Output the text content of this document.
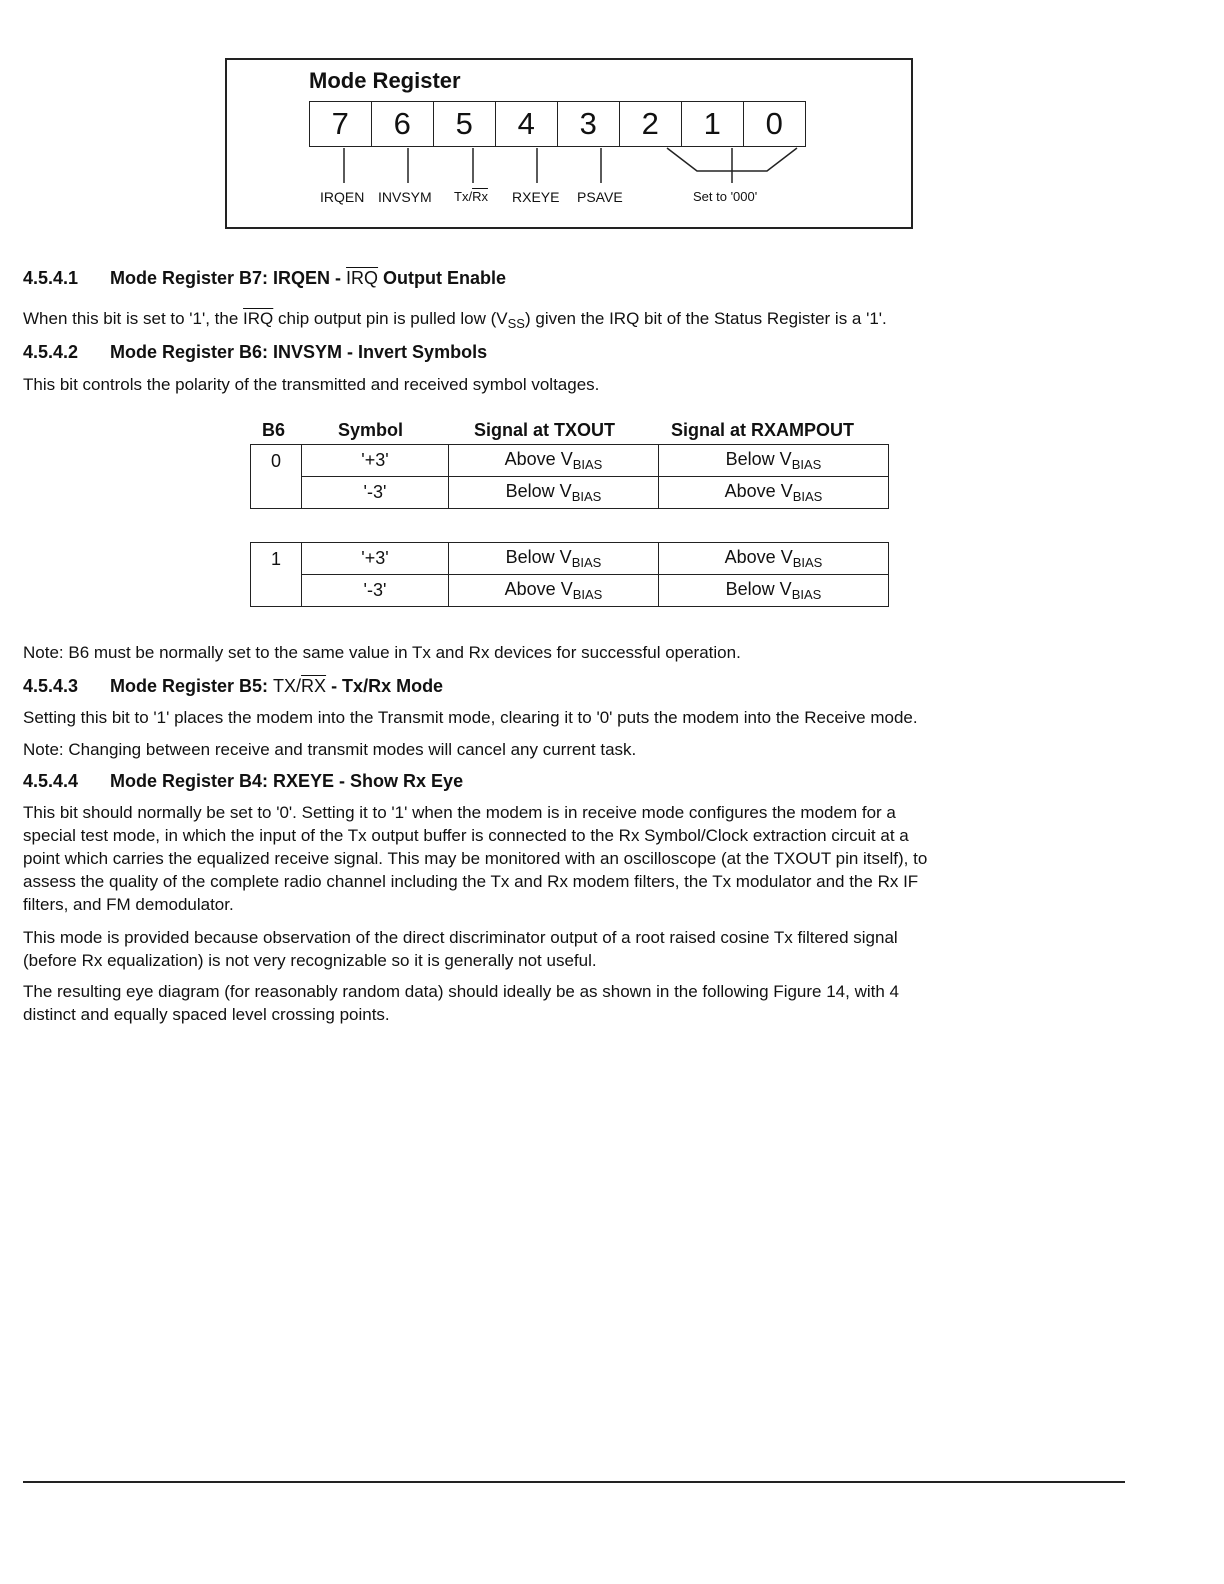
Mode Register
7	6	5	4	3	2	1	0
IRQEN INVSYM $Tx/\overline{Rx}$ RXEYE PSAVE	Set to '000'
4.5.4.1 Mode Register B7: IRQEN - $\overline{IRQ}$ Output Enable
When this bit is set to '1', the $\overline{IRQ}$ chip output pin is pulled low $(V_{SS})$ given the IRQ bit of the Status Register is a '1'.
4.5.4.2 Mode Register B6: INVSYM - Invert Symbols
This bit controls the polarity of the transmitted and received symbol voltages.
B6	Symbol	Signal at TXOUT	Signal at RXAMPOUT
0	'+3'	Above $V_{BIAS}$	Below $V_{BIAS}$
	'-3'	Below $V_{BIAS}$	Above $V_{BIAS}$
1	'+3'	Below $V_{BIAS}$	Above $V_{BIAS}$
	'-3'	Above $V_{BIAS}$	Below $V_{BIAS}$
Note: B6 must be normally set to the same value in Tx and Rx devices for successful operation.
4.5.4.3 Mode Register B5: $TX/\overline{RX} - Tx/Rx$ Mode
Setting this bit to '1' places the modem into the Transmit mode, clearing it to '0' puts the modem into the Receive mode.
Note: Changing between receive and transmit modes will cancel any current task.
4.5.4.4 Mode Register B4: RXEYE - Show Rx Eye
This bit should normally be set to '0'. Setting it to '1' when the modem is in receive mode configures the modem for a
special test mode, in which the input of the Tx output buffer is connected to the Rx Symbol/Clock extraction circuit at a
point which carries the equalized receive signal. This may be monitored with an oscilloscope (at the TXOUT pin itself), to
assess the quality of the complete radio channel including the Tx and Rx modem filters, the Tx modulator and the Rx IF
filters, and FM demodulator.
This mode is provided because observation of the direct discriminator output of a root raised cosine Tx filtered signal
(before Rx equalization) is not very recognizable so it is generally not useful.
The resulting eye diagram (for reasonably random data) should ideally be as shown in the following Figure 14, with 4
distinct and equally spaced level crossing points.
